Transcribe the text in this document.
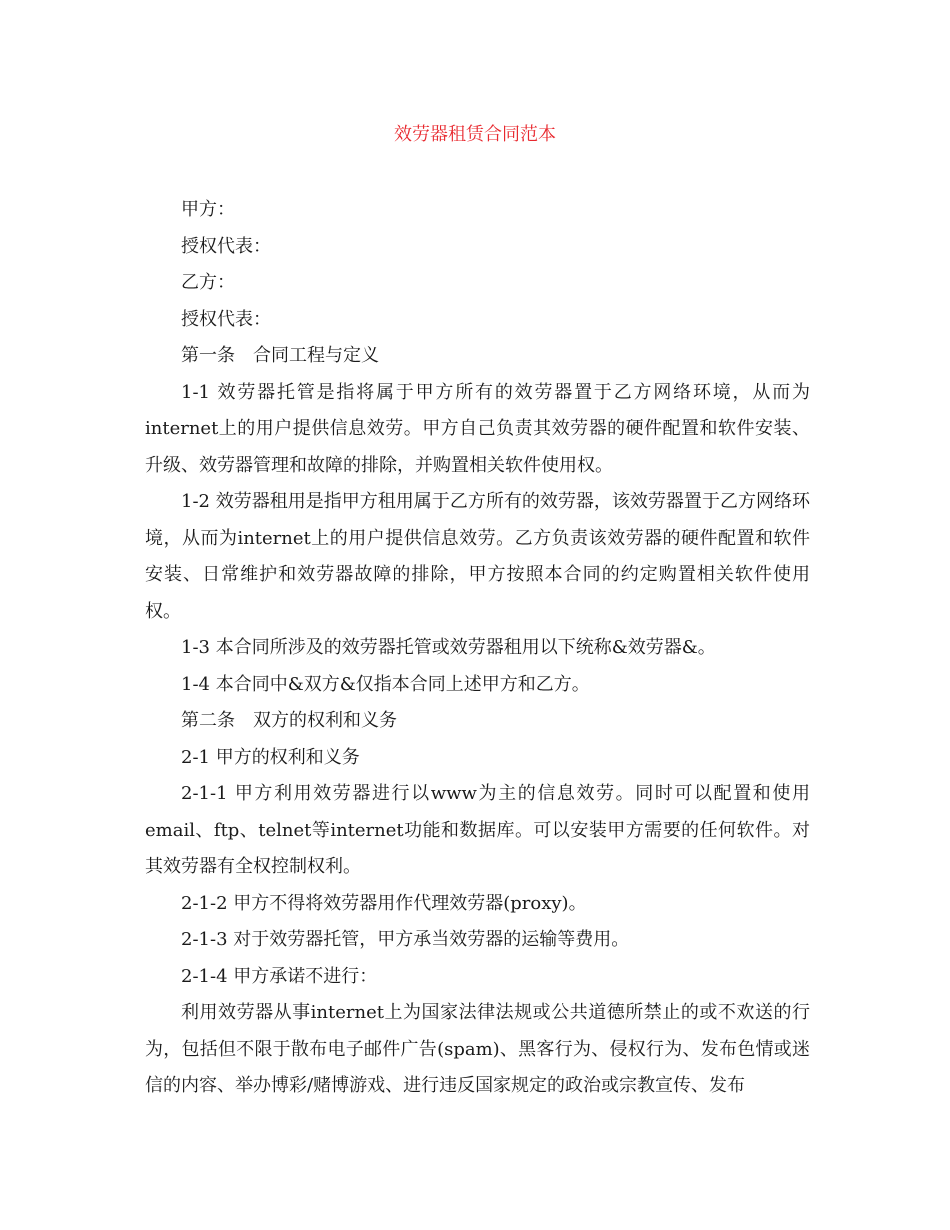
效劳器租赁合同范本

甲方：

授权代表：

乙方：

授权代表：

第一条　合同工程与定义

1-1 效劳器托管是指将属于甲方所有的效劳器置于乙方网络环境，从而为internet上的用户提供信息效劳。甲方自己负责其效劳器的硬件配置和软件安装、升级、效劳器管理和故障的排除，并购置相关软件使用权。

1-2 效劳器租用是指甲方租用属于乙方所有的效劳器，该效劳器置于乙方网络环境，从而为internet上的用户提供信息效劳。乙方负责该效劳器的硬件配置和软件安装、日常维护和效劳器故障的排除，甲方按照本合同的约定购置相关软件使用权。

1-3 本合同所涉及的效劳器托管或效劳器租用以下统称&效劳器&。

1-4 本合同中&双方&仅指本合同上述甲方和乙方。

第二条　双方的权利和义务

2-1 甲方的权利和义务

2-1-1 甲方利用效劳器进行以www为主的信息效劳。同时可以配置和使用email、ftp、telnet等internet功能和数据库。可以安装甲方需要的任何软件。对其效劳器有全权控制权利。

2-1-2 甲方不得将效劳器用作代理效劳器(proxy)。

2-1-3 对于效劳器托管，甲方承当效劳器的运输等费用。

2-1-4 甲方承诺不进行：

利用效劳器从事internet上为国家法律法规或公共道德所禁止的或不欢送的行为，包括但不限于散布电子邮件广告(spam)、黑客行为、侵权行为、发布色情或迷信的内容、举办博彩/赌博游戏、进行违反国家规定的政治或宗教宣传、发布
